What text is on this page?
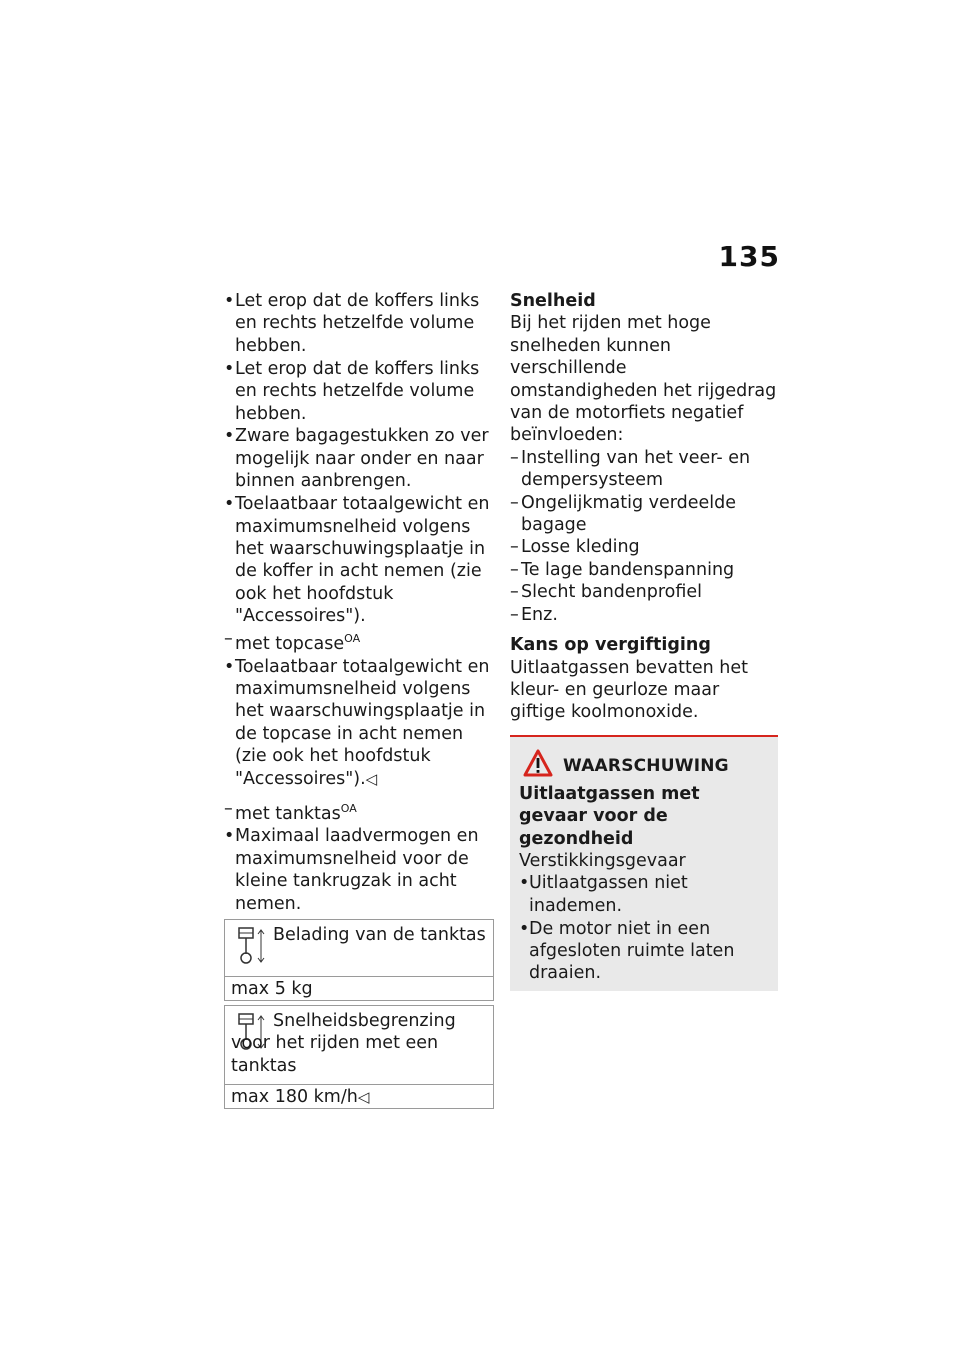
135
• Let erop dat de koffers links en rechts hetzelfde volume hebben.
• Let erop dat de koffers links en rechts hetzelfde volume hebben.
• Zware bagagestukken zo ver mogelijk naar onder en naar binnen aanbrengen.
• Toelaatbaar totaalgewicht en maximumsnelheid volgens het waarschuwingsplaatje in de koffer in acht nemen (zie ook het hoofdstuk "Accessoires").
– met topcase$^{OA}$
• Toelaatbaar totaalgewicht en maximumsnelheid volgens het waarschuwingsplaatje in de topcase in acht nemen (zie ook het hoofdstuk "Accessoires").◁
– met tanktas$^{OA}$
• Maximaal laadvermogen en maximumsnelheid voor de kleine tankrugzak in acht nemen.
Belading van de tanktas
max 5 kg
Snelheidsbegrenzing voor het rijden met een tanktas
max 180 km/h◁
Snelheid

Bij het rijden met hoge snelheden kunnen verschillende omstandigheden het rijgedrag van de motorfiets negatief beïnvloeden:

– Instelling van het veer- en dempersysteem
– Ongelijkmatig verdeelde bagage
– Losse kleding
– Te lage bandenspanning
– Slecht bandenprofiel
– Enz.
Kans op vergiftiging

Uitlaatgassen bevatten het kleur- en geurloze maar giftige koolmonoxide.

WAARSCHUWING
Uitlaatgassen met gevaar voor de gezondheid
Verstikkingsgevaar
• Uitlaatgassen niet inademen.
• De motor niet in een afgesloten ruimte laten draaien.
